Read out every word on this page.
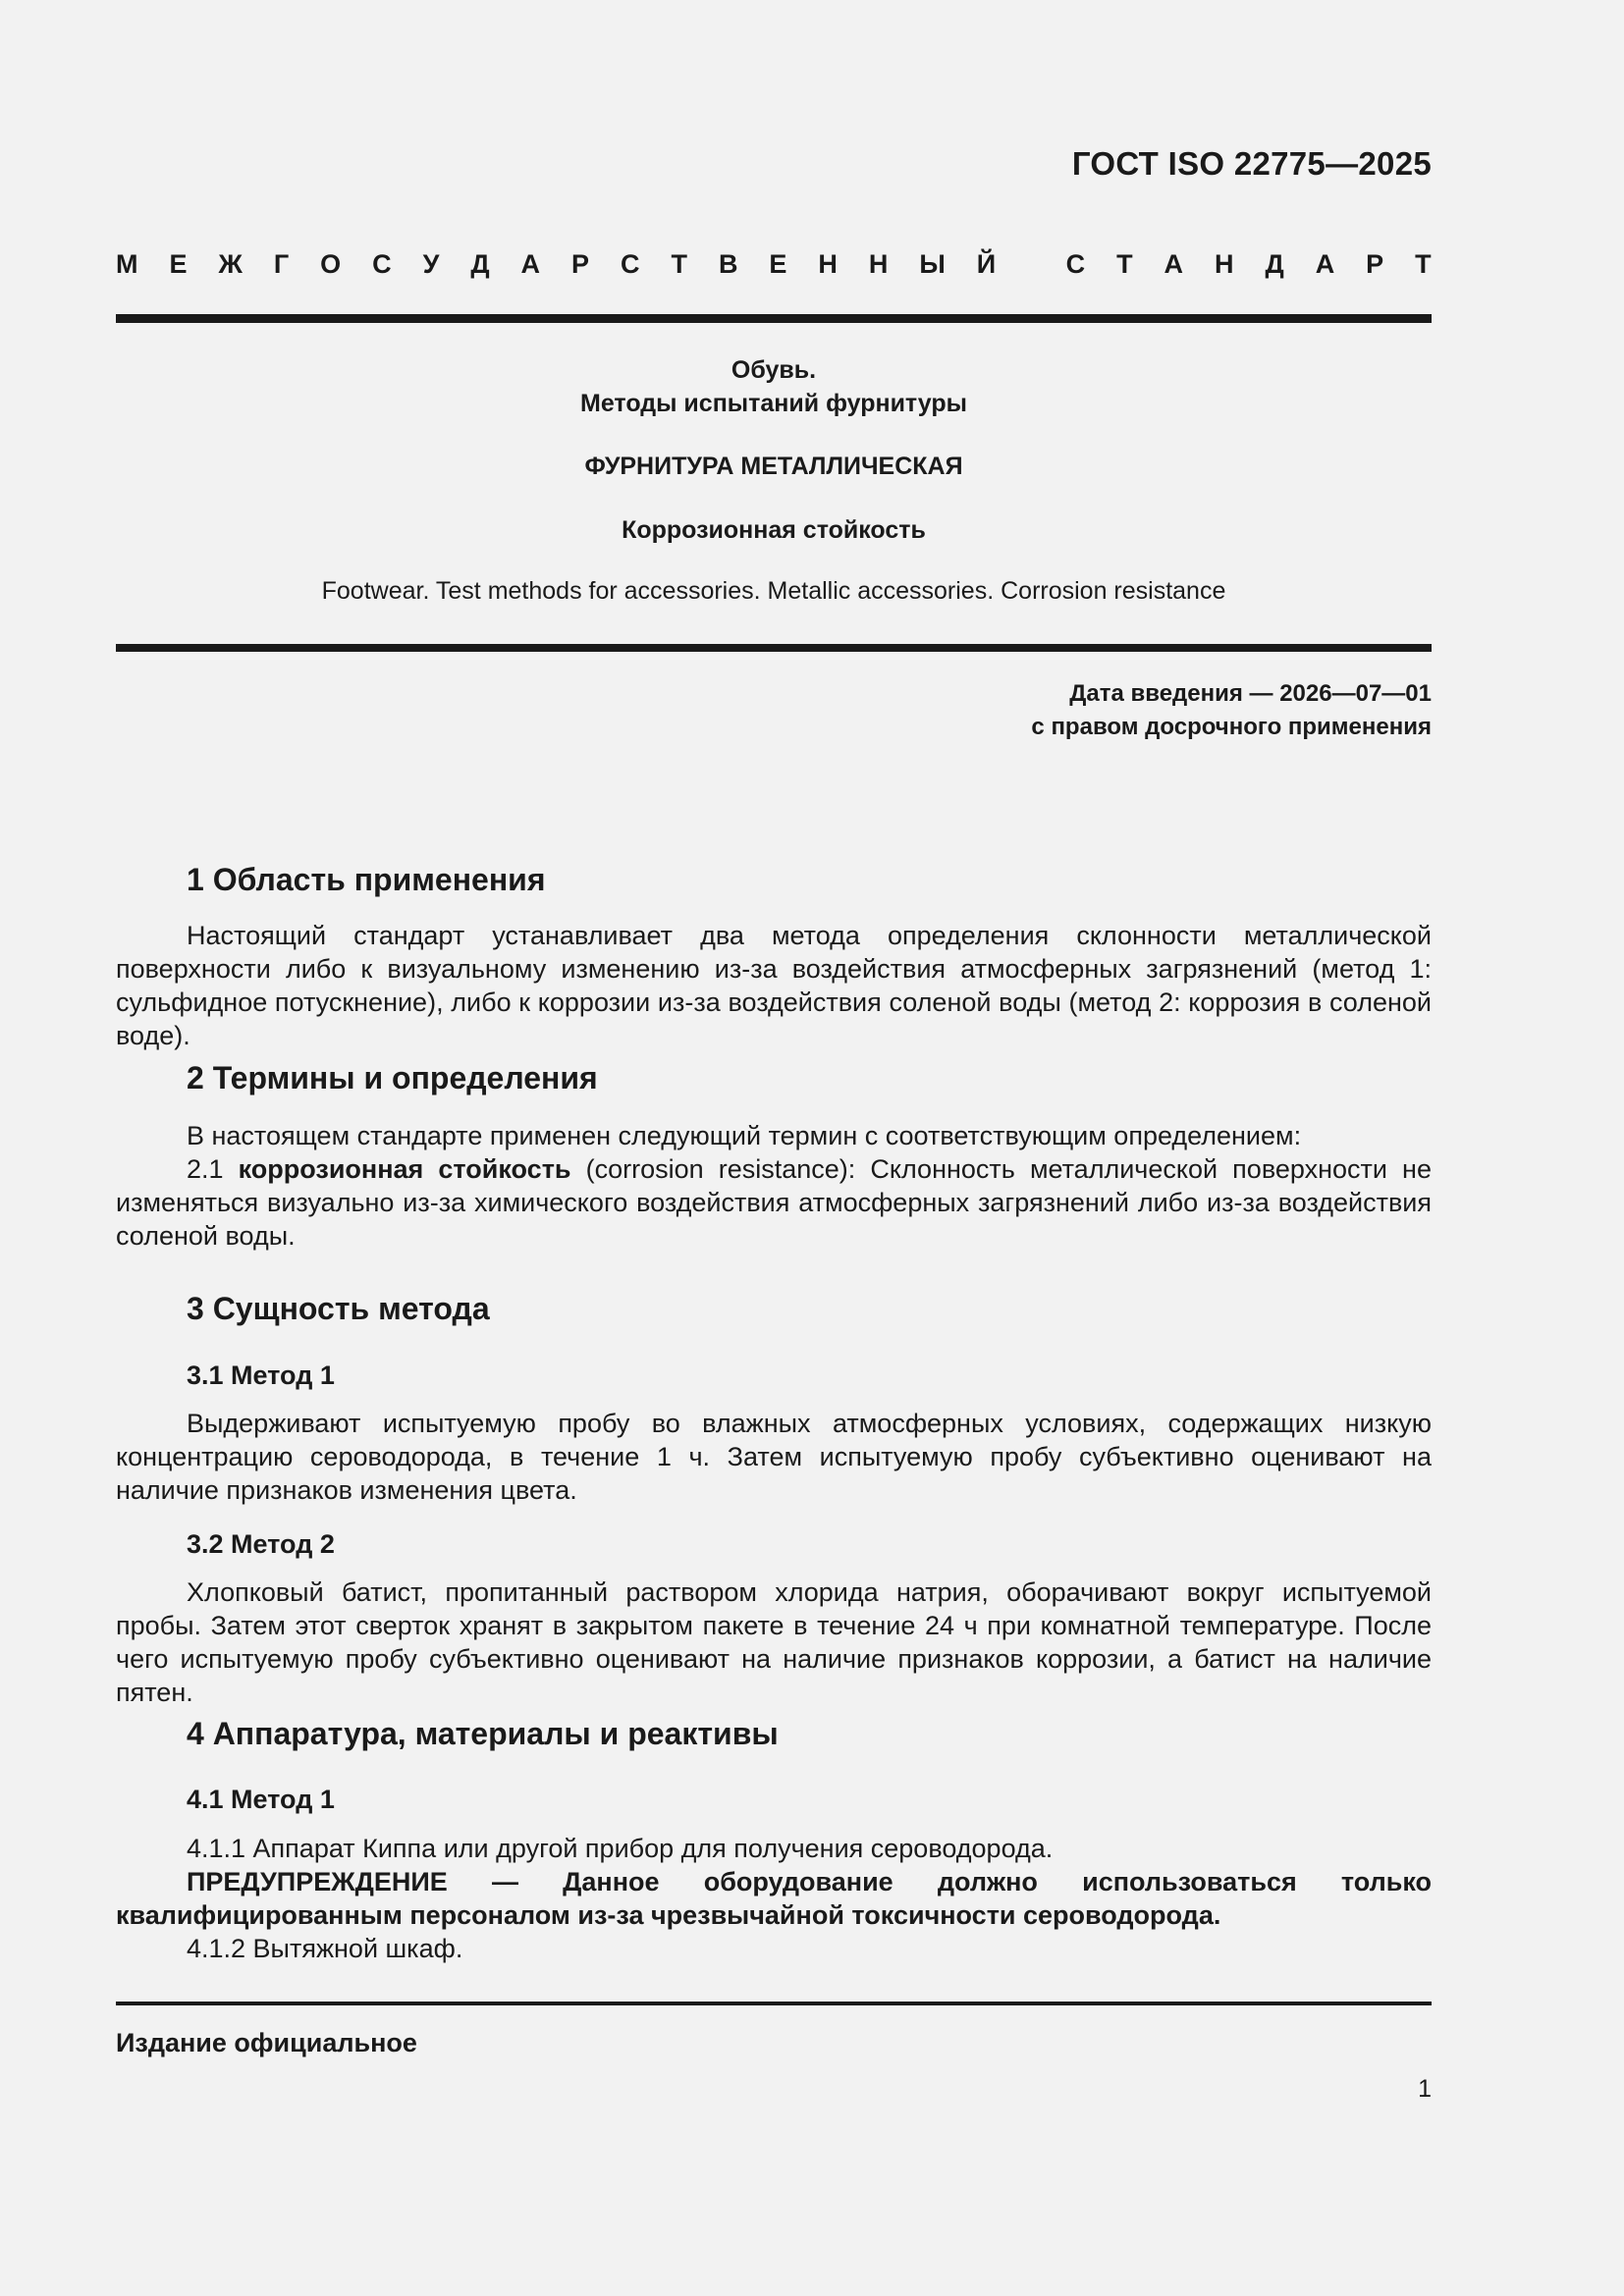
ГОСТ ISO 22775—2025
М Е Ж Г О С У Д А Р С Т В Е Н Н Ы Й
	С Т А Н Д А Р Т
Обувь.
Методы испытаний фурнитуры
ФУРНИТУРА МЕТАЛЛИЧЕСКАЯ
Коррозионная стойкость
Footwear. Test methods for accessories. Metallic accessories. Corrosion resistance
Дата введения — 2026—07—01
с правом досрочного применения
1 Область применения

Настоящий стандарт устанавливает два метода определения склонности металлической поверхности либо к визуальному изменению из-за воздействия атмосферных загрязнений (метод 1: сульфидное потускнение), либо к коррозии из-за воздействия соленой воды (метод 2: коррозия в соленой воде).

2 Термины и определения

В настоящем стандарте применен следующий термин с соответствующим определением:

2.1 коррозионная стойкость (corrosion resistance): Склонность металлической поверхности не изменяться визуально из-за химического воздействия атмосферных загрязнений либо из-за воздействия соленой воды.

3 Сущность метода
3.1 Метод 1

Выдерживают испытуемую пробу во влажных атмосферных условиях, содержащих низкую концентрацию сероводорода, в течение 1 ч. Затем испытуемую пробу субъективно оценивают на наличие признаков изменения цвета.

3.2 Метод 2

Хлопковый батист, пропитанный раствором хлорида натрия, оборачивают вокруг испытуемой пробы. Затем этот сверток хранят в закрытом пакете в течение 24 ч при комнатной температуре. После чего испытуемую пробу субъективно оценивают на наличие признаков коррозии, а батист на наличие пятен.

4 Аппаратура, материалы и реактивы
4.1 Метод 1

4.1.1 Аппарат Киппа или другой прибор для получения сероводорода.

ПРЕДУПРЕЖДЕНИЕ — Данное оборудование должно использоваться только квалифицированным персоналом из-за чрезвычайной токсичности сероводорода.

4.1.2 Вытяжной шкаф.

Издание официальное
1
